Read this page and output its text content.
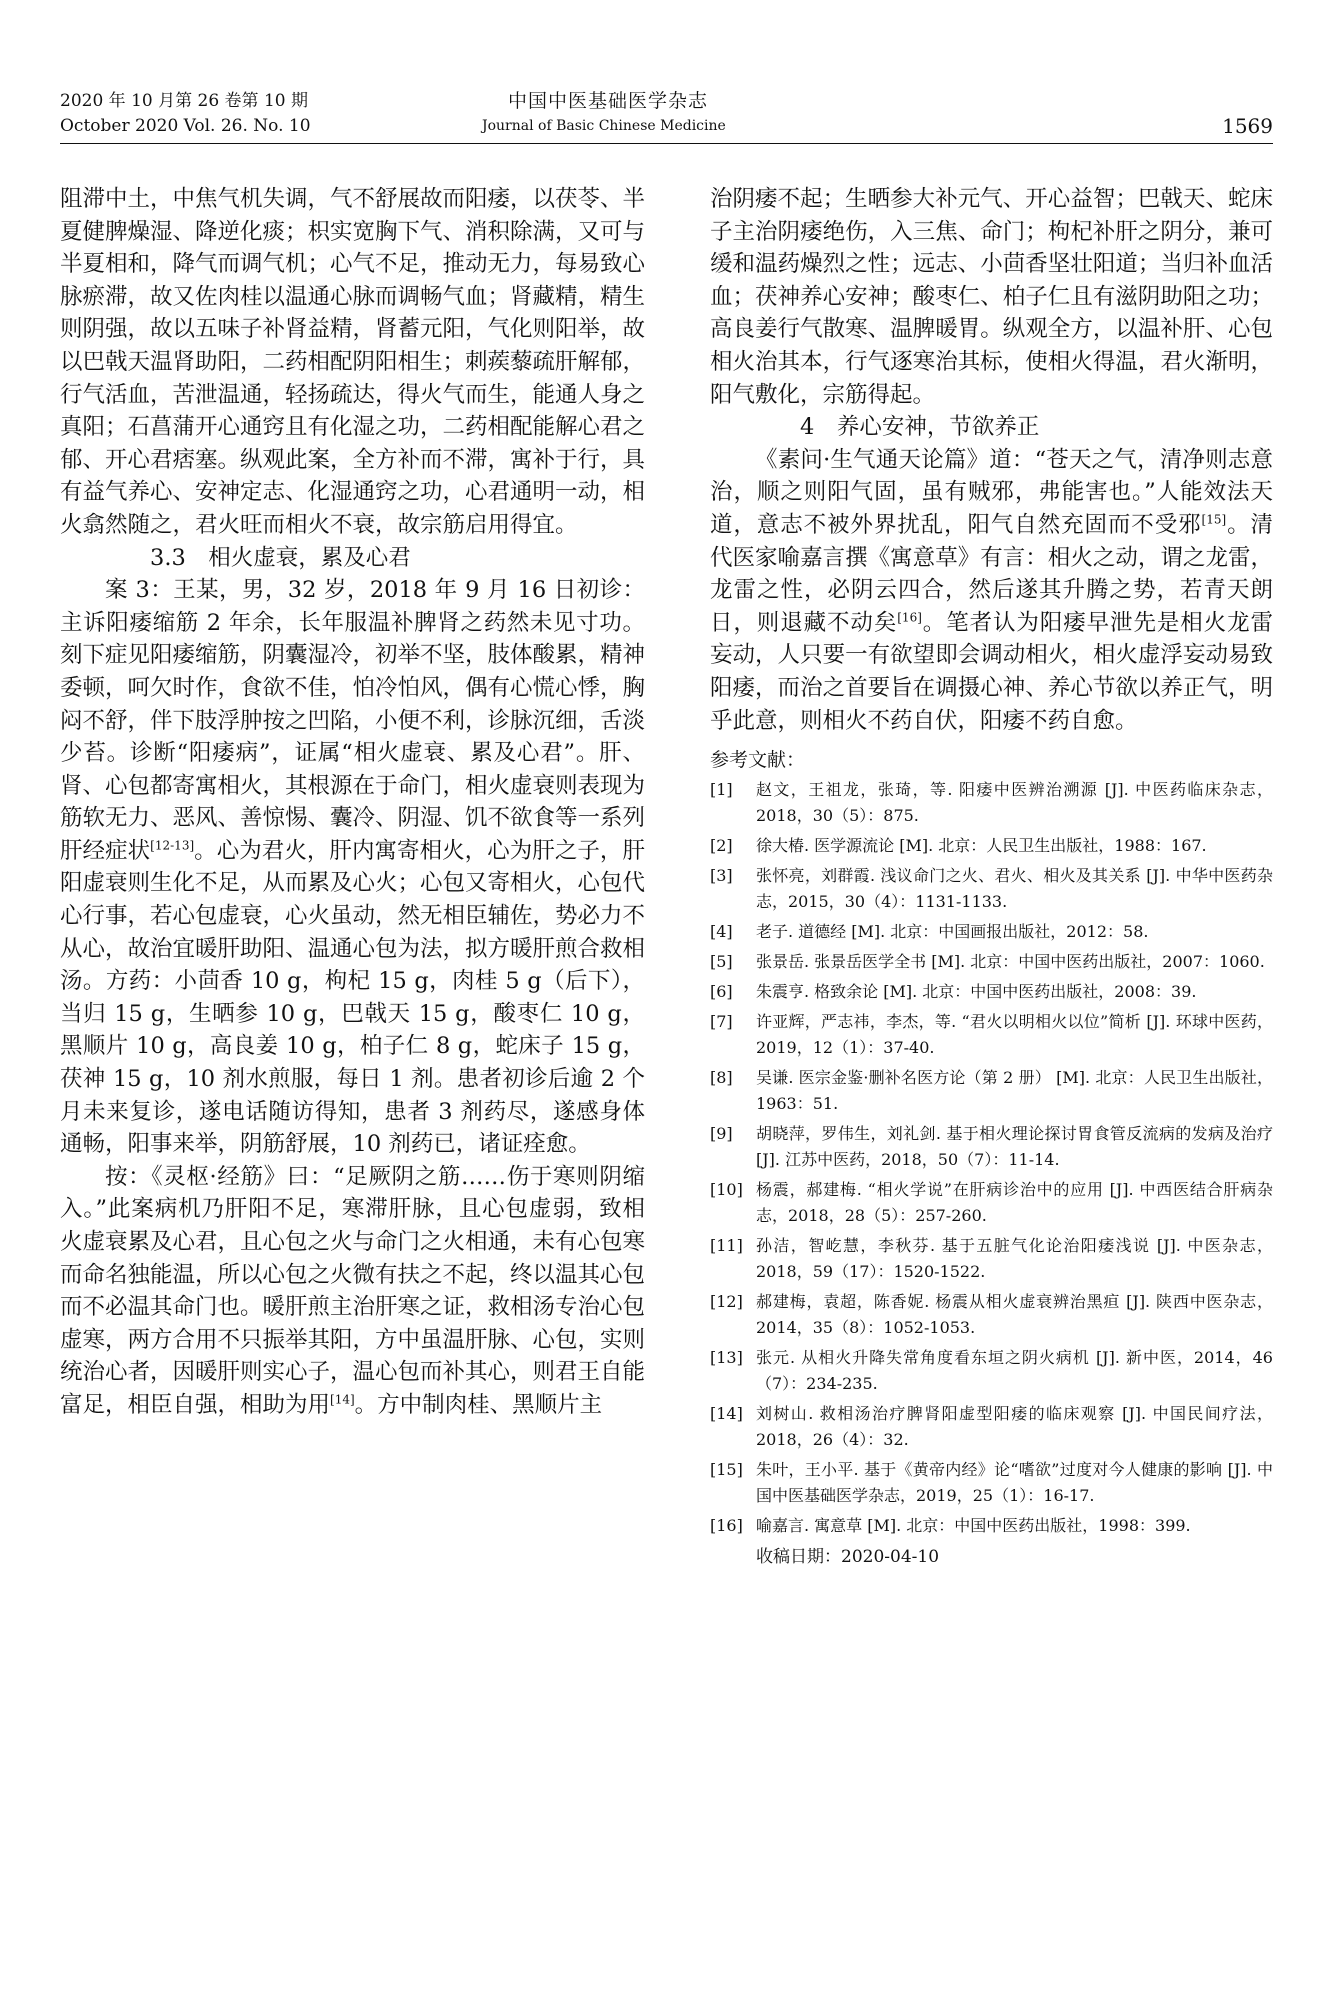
2020 年 10 月第 26 卷第 10 期
October 2020 Vol. 26. No. 10
中国中医基础医学杂志
Journal of Basic Chinese Medicine	1569

阻滞中土，中焦气机失调，气不舒展故而阳痿，以茯苓、半夏健脾燥湿、降逆化痰；枳实宽胸下气、消积除满，又可与半夏相和，降气而调气机；心气不足，推动无力，每易致心脉瘀滞，故又佐肉桂以温通心脉而调畅气血；肾藏精，精生则阴强，故以五味子补肾益精，肾蓄元阳，气化则阳举，故以巴戟天温肾助阳，二药相配阴阳相生；刺蒺藜疏肝解郁，行气活血，苦泄温通，轻扬疏达，得火气而生，能通人身之真阳；石菖蒲开心通窍且有化湿之功，二药相配能解心君之郁、开心君痞塞。纵观此案，全方补而不滞，寓补于行，具有益气养心、安神定志、化湿通窍之功，心君通明一动，相火翕然随之，君火旺而相火不衰，故宗筋启用得宜。

3.3　相火虚衰，累及心君

案 3：王某，男，32 岁，2018 年 9 月 16 日初诊：主诉阳痿缩筋 2 年余，长年服温补脾肾之药然未见寸功。刻下症见阳痿缩筋，阴囊湿冷，初举不坚，肢体酸累，精神委顿，呵欠时作，食欲不佳，怕冷怕风，偶有心慌心悸，胸闷不舒，伴下肢浮肿按之凹陷，小便不利，诊脉沉细，舌淡少苔。诊断“阳痿病”，证属“相火虚衰、累及心君”。肝、肾、心包都寄寓相火，其根源在于命门，相火虚衰则表现为筋软无力、恶风、善惊惕、囊冷、阴湿、饥不欲食等一系列肝经症状[12-13]。心为君火，肝内寓寄相火，心为肝之子，肝阳虚衰则生化不足，从而累及心火；心包又寄相火，心包代心行事，若心包虚衰，心火虽动，然无相臣辅佐，势必力不从心，故治宜暖肝助阳、温通心包为法，拟方暖肝煎合救相汤。方药：小茴香 10 g，枸杞 15 g，肉桂 5 g（后下），当归 15 g，生晒参 10 g，巴戟天 15 g，酸枣仁 10 g，黑顺片 10 g，高良姜 10 g，柏子仁 8 g，蛇床子 15 g，茯神 15 g，10 剂水煎服，每日 1 剂。患者初诊后逾 2 个月未来复诊，遂电话随访得知，患者 3 剂药尽，遂感身体通畅，阳事来举，阴筋舒展，10 剂药已，诸证痊愈。

按：《灵枢·经筋》曰：“足厥阴之筋……伤于寒则阴缩入。”此案病机乃肝阳不足，寒滞肝脉，且心包虚弱，致相火虚衰累及心君，且心包之火与命门之火相通，未有心包寒而命名独能温，所以心包之火微有扶之不起，终以温其心包而不必温其命门也。暖肝煎主治肝寒之证，救相汤专治心包虚寒，两方合用不只振举其阳，方中虽温肝脉、心包，实则统治心者，因暖肝则实心子，温心包而补其心，则君王自能富足，相臣自强，相助为用[14]。方中制肉桂、黑顺片主

治阴痿不起；生晒参大补元气、开心益智；巴戟天、蛇床子主治阴痿绝伤，入三焦、命门；枸杞补肝之阴分，兼可缓和温药燥烈之性；远志、小茴香坚壮阳道；当归补血活血；茯神养心安神；酸枣仁、柏子仁且有滋阴助阳之功；高良姜行气散寒、温脾暖胃。纵观全方，以温补肝、心包相火治其本，行气逐寒治其标，使相火得温，君火渐明，阳气敷化，宗筋得起。

4　养心安神，节欲养正

《素问·生气通天论篇》道：“苍天之气，清净则志意治，顺之则阳气固，虽有贼邪，弗能害也。”人能效法天道，意志不被外界扰乱，阳气自然充固而不受邪[15]。清代医家喻嘉言撰《寓意草》有言：相火之动，谓之龙雷，龙雷之性，必阴云四合，然后遂其升腾之势，若青天朗日，则退藏不动矣[16]。笔者认为阳痿早泄先是相火龙雷妄动，人只要一有欲望即会调动相火，相火虚浮妄动易致阳痿，而治之首要旨在调摄心神、养心节欲以养正气，明乎此意，则相火不药自伏，阳痿不药自愈。

参考文献：
[1]	赵文，王祖龙，张琦，等. 阳痿中医辨治溯源 [J]. 中医药临床杂志，2018，30（5）：875.
[2]	徐大椿. 医学源流论 [M]. 北京：人民卫生出版社，1988：167.
[3]	张怀亮，刘群霞. 浅议命门之火、君火、相火及其关系 [J]. 中华中医药杂志，2015，30（4）：1131-1133.
[4]	老子. 道德经 [M]. 北京：中国画报出版社，2012：58.
[5]	张景岳. 张景岳医学全书 [M]. 北京：中国中医药出版社，2007：1060.
[6]	朱震亨. 格致余论 [M]. 北京：中国中医药出版社，2008：39.
[7]	许亚辉，严志祎，李杰，等. “君火以明相火以位”简析 [J]. 环球中医药，2019，12（1）：37-40.
[8]	吴谦. 医宗金鉴·删补名医方论（第 2 册） [M]. 北京：人民卫生出版社，1963：51.
[9]	胡晓萍，罗伟生，刘礼剑. 基于相火理论探讨胃食管反流病的发病及治疗 [J]. 江苏中医药，2018，50（7）：11-14.
[10] 杨震，郝建梅. “相火学说”在肝病诊治中的应用 [J]. 中西医结合肝病杂志，2018，28（5）：257-260.
[11] 孙洁，智屹慧，李秋芬. 基于五脏气化论治阳痿浅说 [J]. 中医杂志，2018，59（17）：1520-1522.
[12] 郝建梅，袁超，陈香妮. 杨震从相火虚衰辨治黑疸 [J]. 陕西中医杂志，2014，35（8）：1052-1053.
[13] 张元. 从相火升降失常角度看东垣之阴火病机 [J]. 新中医，2014，46（7）：234-235.
[14] 刘树山. 救相汤治疗脾肾阳虚型阳痿的临床观察 [J]. 中国民间疗法，2018，26（4）：32.
[15] 朱叶，王小平. 基于《黄帝内经》论“嗜欲”过度对今人健康的影响 [J]. 中国中医基础医学杂志，2019，25（1）：16-17.
[16] 喻嘉言. 寓意草 [M]. 北京：中国中医药出版社，1998：399.
收稿日期：2020-04-10
